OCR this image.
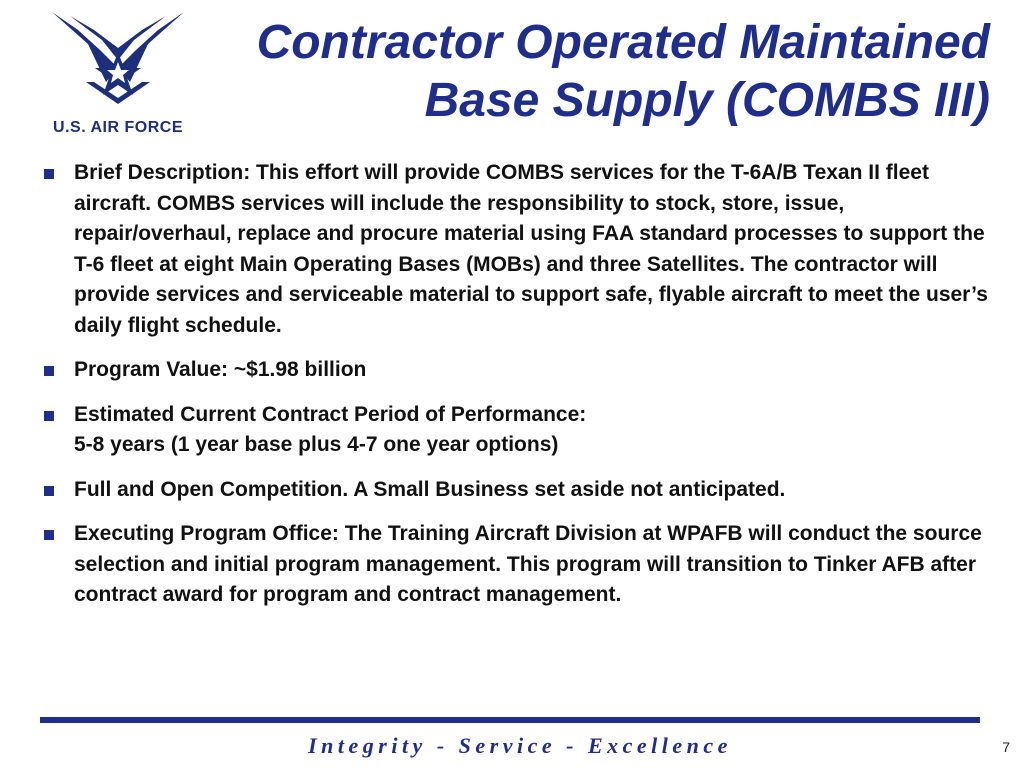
U.S. AIR FORCE
Contractor Operated Maintained
Base Supply (COMBS III)
Brief Description: This effort will provide COMBS services for the T-6A/B Texan II fleet aircraft. COMBS services will include the responsibility to stock, store, issue, repair/overhaul, replace and procure material using FAA standard processes to support the T-6 fleet at eight Main Operating Bases (MOBs) and three Satellites. The contractor will provide services and serviceable material to support safe, flyable aircraft to meet the user’s daily flight schedule.
Program Value: ~$1.98 billion
Estimated Current Contract Period of Performance:
5-8 years (1 year base plus 4-7 one year options)
Full and Open Competition. A Small Business set aside not anticipated.
Executing Program Office: The Training Aircraft Division at WPAFB will conduct the source selection and initial program management. This program will transition to Tinker AFB after contract award for program and contract management.
Integrity - Service - Excellence	7
